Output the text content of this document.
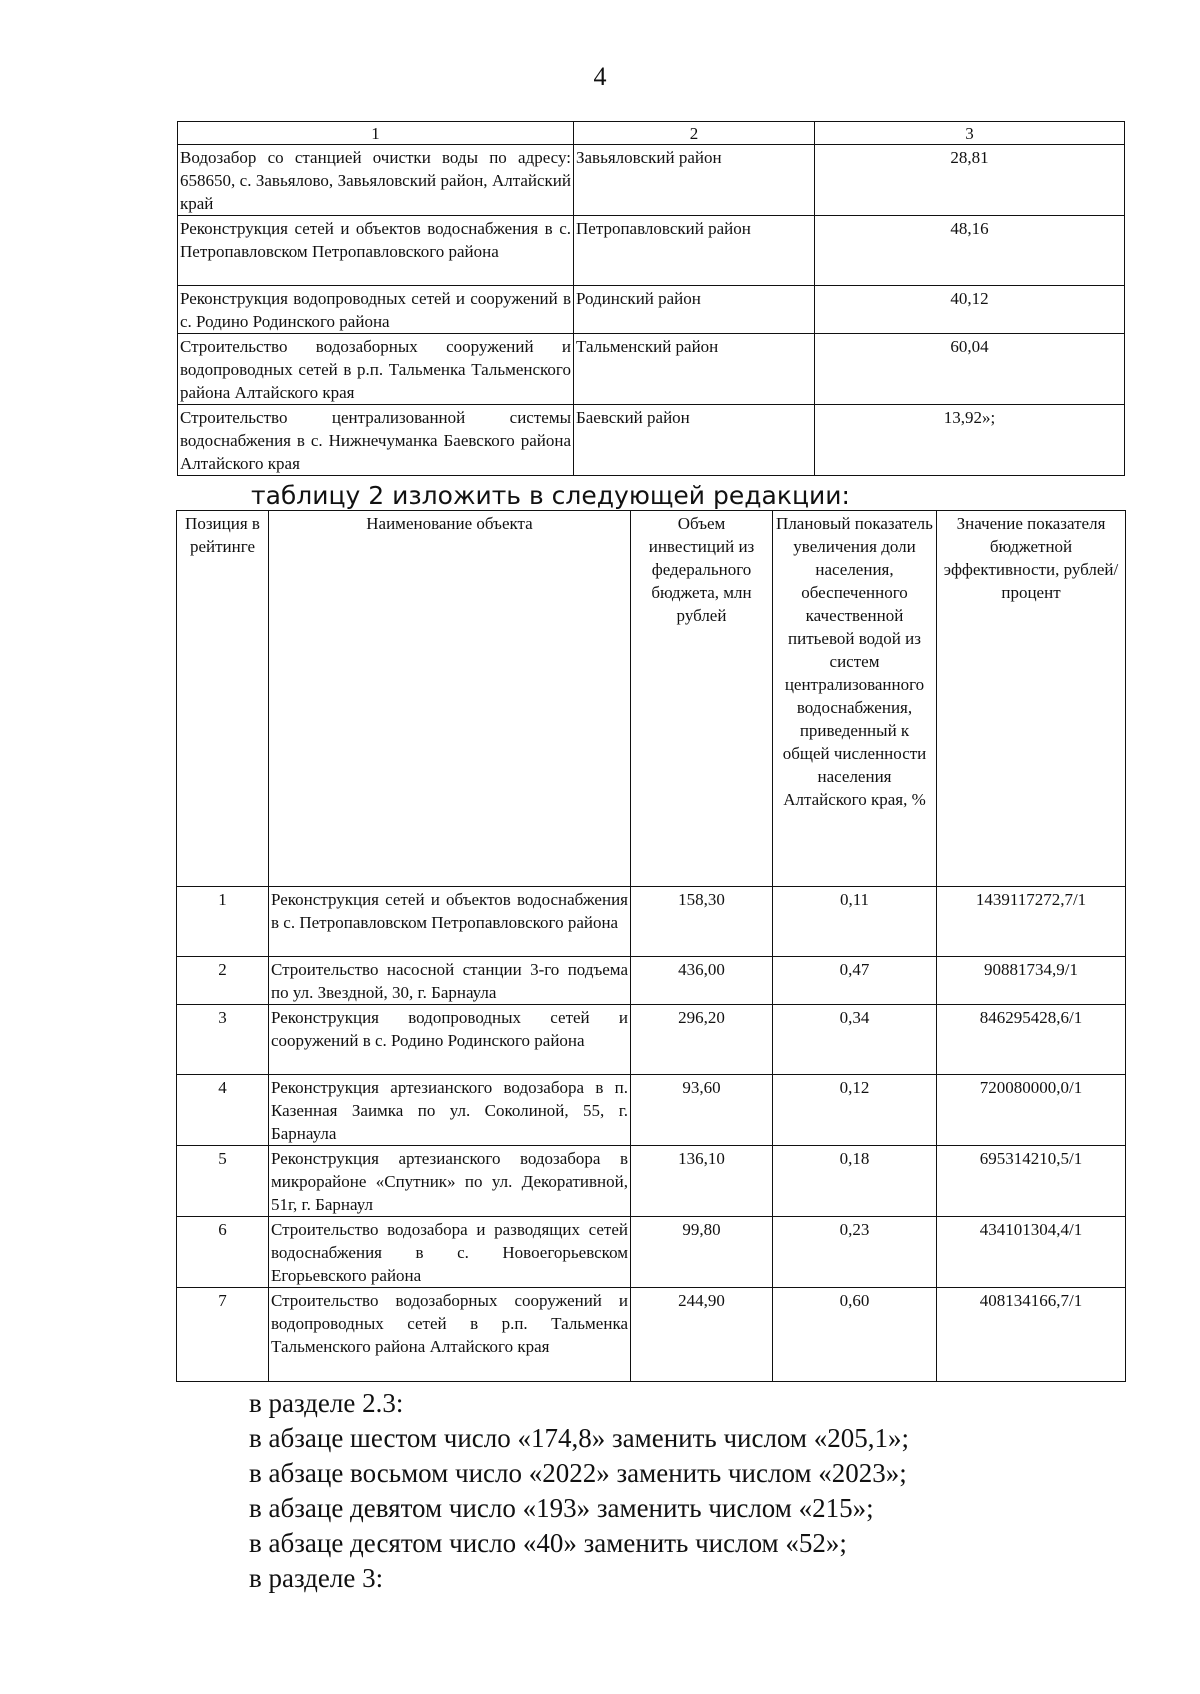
4
1	2	3
Водозабор со станцией очистки воды по адресу: 658650, с. Завьялово, Завьяловский район, Алтайский край	Завьяловский район	28,81
Реконструкция сетей и объектов водоснабжения в с. Петропавловском Петропавловского района	Петропавловский район	48,16
Реконструкция водопроводных сетей и сооружений в с. Родино Родинского района	Родинский район	40,12
Строительство водозаборных сооружений и водопроводных сетей в р.п. Тальменка Тальменского района Алтайского края	Тальменский район	60,04
Строительство централизованной системы водоснабжения в с. Нижнечуманка Баевского района Алтайского края	Баевский район	13,92»;
таблицу 2 изложить в следующей редакции:
Позиция в рейтинге	Наименование объекта	Объем инвестиций из федерального бюджета, млн рублей	Плановый показатель увеличения доли населения, обеспеченного качественной питьевой водой из систем централизованного водоснабжения, приведенный к общей численности населения Алтайского края, %	Значение показателя бюджетной эффективности, рублей/процент
1	Реконструкция сетей и объектов водоснабжения в с. Петропавловском Петропавловского района	158,30	0,11	1439117272,7/1
2	Строительство насосной станции 3-го подъема по ул. Звездной, 30, г. Барнаула	436,00	0,47	90881734,9/1
3	Реконструкция водопроводных сетей и сооружений в с. Родино Родинского района	296,20	0,34	846295428,6/1
4	Реконструкция артезианского водозабора в п. Казенная Заимка по ул. Соколиной, 55, г. Барнаула	93,60	0,12	720080000,0/1
5	Реконструкция артезианского водозабора в микрорайоне «Спутник» по ул. Декоративной, 51г, г. Барнаул	136,10	0,18	695314210,5/1
6	Строительство водозабора и разводящих сетей водоснабжения в с. Новоегорьевском Егорьевского района	99,80	0,23	434101304,4/1
7	Строительство водозаборных сооружений и водопроводных сетей в р.п. Тальменка Тальменского района Алтайского края	244,90	0,60	408134166,7/1
в разделе 2.3:
в абзаце шестом число «174,8» заменить числом «205,1»;
в абзаце восьмом число «2022» заменить числом «2023»;
в абзаце девятом число «193» заменить числом «215»;
в абзаце десятом число «40» заменить числом «52»;
в разделе 3:
